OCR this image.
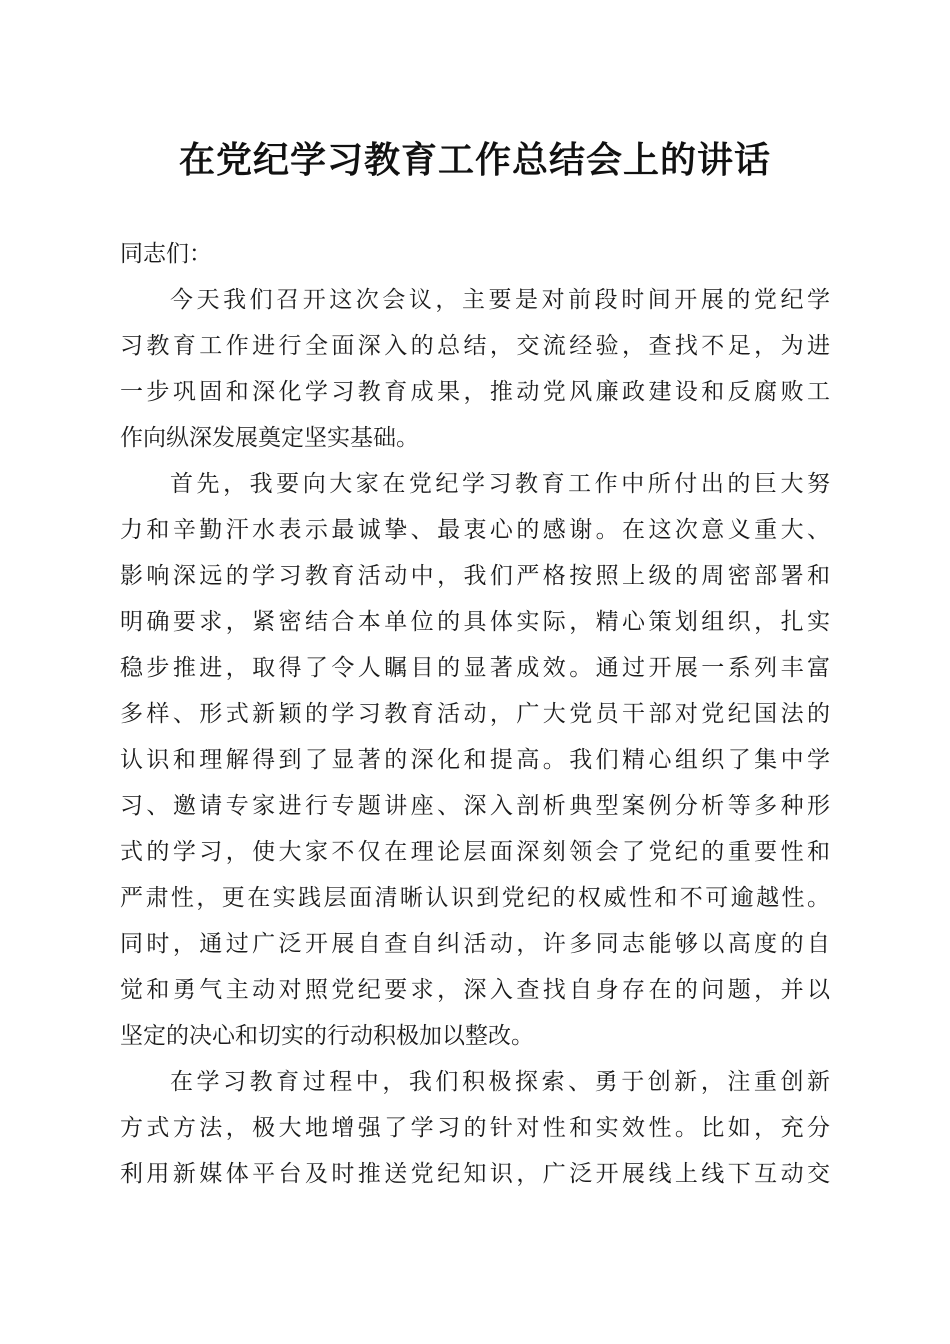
在党纪学习教育工作总结会上的讲话

同志们：

今天我们召开这次会议，主要是对前段时间开展的党纪学
习教育工作进行全面深入的总结，交流经验，查找不足，为进
一步巩固和深化学习教育成果，推动党风廉政建设和反腐败工
作向纵深发展奠定坚实基础。

首先，我要向大家在党纪学习教育工作中所付出的巨大努
力和辛勤汗水表示最诚挚、最衷心的感谢。在这次意义重大、
影响深远的学习教育活动中，我们严格按照上级的周密部署和
明确要求，紧密结合本单位的具体实际，精心策划组织，扎实
稳步推进，取得了令人瞩目的显著成效。通过开展一系列丰富
多样、形式新颖的学习教育活动，广大党员干部对党纪国法的
认识和理解得到了显著的深化和提高。我们精心组织了集中学
习、邀请专家进行专题讲座、深入剖析典型案例分析等多种形
式的学习，使大家不仅在理论层面深刻领会了党纪的重要性和
严肃性，更在实践层面清晰认识到党纪的权威性和不可逾越性。
同时，通过广泛开展自查自纠活动，许多同志能够以高度的自
觉和勇气主动对照党纪要求，深入查找自身存在的问题，并以
坚定的决心和切实的行动积极加以整改。

在学习教育过程中，我们积极探索、勇于创新，注重创新
方式方法，极大地增强了学习的针对性和实效性。比如，充分
利用新媒体平台及时推送党纪知识，广泛开展线上线下互动交
